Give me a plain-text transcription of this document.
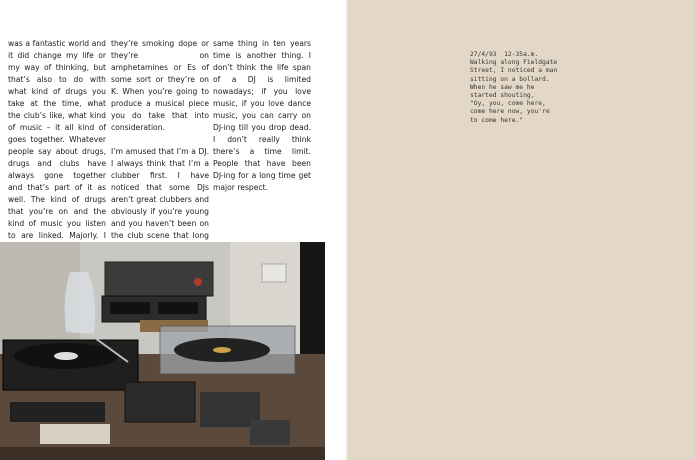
was a fantastic world and it did change my life or my way of thinking, but that’s also to do with what kind of drugs you take at the time, what the club’s like, what kind of music – it all kind of goes together. Whatever people say about drugs, drugs and clubs have always gone together and that’s part of it as well. The kind of drugs that you’re on and the kind of music you listen to are linked. Majorly. I

they’re smoking dope or they’re on amphetamines or Es of some sort or they’re on K. When you’re going to produce a musical piece you do take that into consideration.

I’m amused that I’m a DJ. I always think that I’m a clubber first. I have noticed that some DJs aren’t great clubbers and obviously if you’re young and you haven’t been on the club scene that long

same thing in ten years time is another thing. I don’t think the life span of a DJ is limited nowadays; if you love music, if you love dance music, you can carry on DJ-ing till you drop dead. I don’t really think there’s a time limit. People that have been DJ-ing for a long time get major respect.

27/4/93  12-35a.m.
Walking along Fieldgate
Street, I noticed a man
sitting on a bollard.
When he saw me he
started shouting,
"Oy, you, come here,
come here now, you're
to come here."
